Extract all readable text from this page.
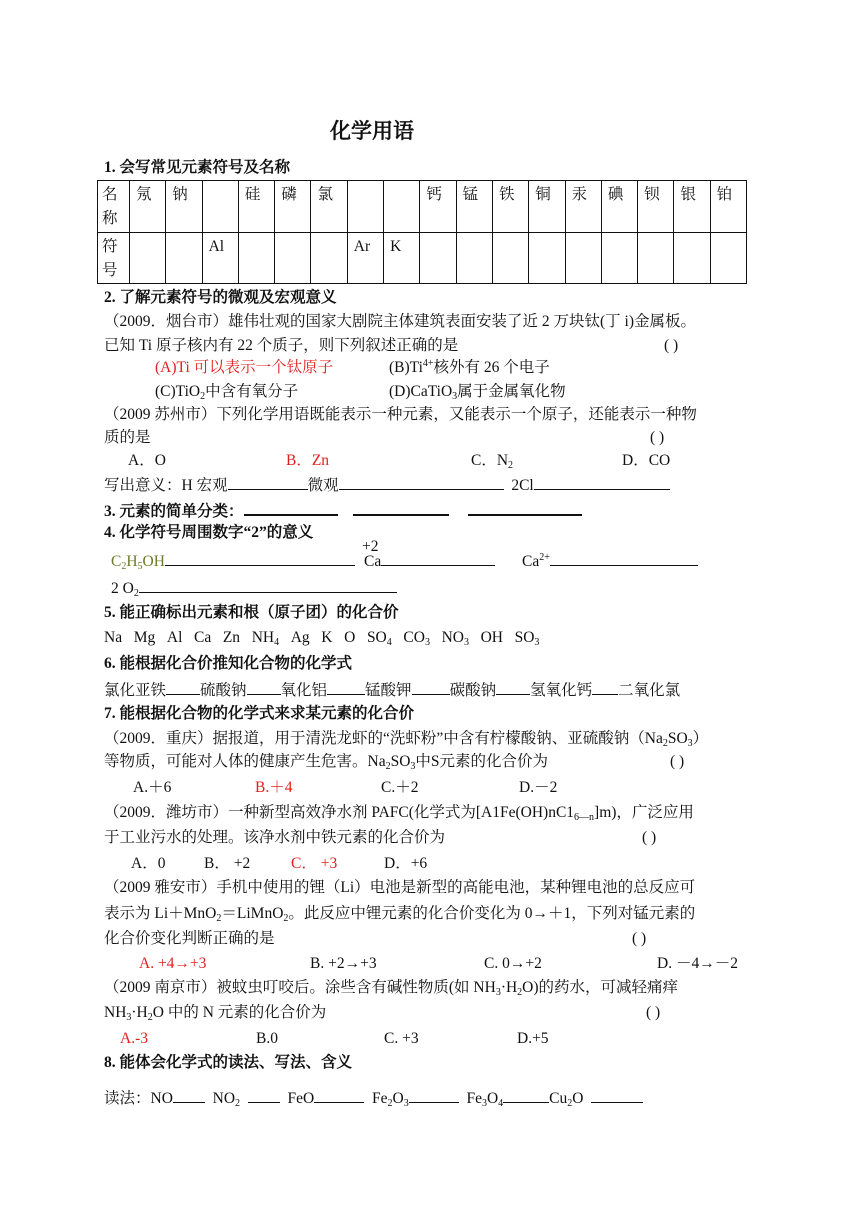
化学用语
1. 会写常见元素符号及名称
名
称	氖	钠		硅	磷	氯			钙	锰	铁	铜	汞	碘	钡	银	铂
符
号			Al				Ar	K									
2. 了解元素符号的微观及宏观意义
（2009．烟台市）雄伟壮观的国家大剧院主体建筑表面安装了近 2 万块钛(丁 i)金属板。
已知 Ti 原子核内有 22 个质子，则下列叙述正确的是	( )
(A)Ti 可以表示一个钛原子	$(B)Ti^{4+}$核外有 26 个电子
(C)TiO$_2$中含有氧分子	(D)CaTiO$_3$属于金属氧化物
（2009 苏州市）下列化学用语既能表示一种元素，又能表示一个原子，还能表示一种物
质的是	( )
A．O	B．Zn	C．$N_2$	D．CO
写出意义：H 宏观	微观	2Cl
3. 元素的简单分类：
4. 化学符号周围数字“2”的意义
$C_2H_5OH$
+2
Ca	$Ca^{2+}$
2 $O_2$
5. 能正确标出元素和根（原子团）的化合价
Na Mg Al Ca Zn $NH_4$ Ag K O $SO_4$ $CO_3$ $NO_3$ OH $SO_3$
6. 能根据化合价推知化合物的化学式
氯化亚铁 硫酸钠 氧化铝 锰酸钾 碳酸钠 氢氧化钙 二氧化氯
7. 能根据化合物的化学式来求某元素的化合价
（2009．重庆）据报道，用于清洗龙虾的“洗虾粉”中含有柠檬酸钠、亚硫酸钠$(Na_2SO_3)$
等物质，可能对人体的健康产生危害。$Na_2SO_3$中S元素的化合价为	( )
A.＋6	B.＋4	C.＋2	D.－2
（2009．潍坊市）一种新型高效净水剂 PAFC(化学式为$[A1Fe(OH)nC1_{6—n}]m$)，广泛应用
于工业污水的处理。该净水剂中铁元素的化合价为	( )
A．0 B． +2	C． +3	D．+6
（2009 雅安市）手机中使用的锂（Li）电池是新型的高能电池，某种锂电池的总反应可
表示为 Li＋MnO$_2$＝LiMnO$_2$。此反应中锂元素的化合价变化为 0→＋1，下列对锰元素的
化合价变化判断正确的是	( )
A. +4→+3	B. +2→+3	C. 0→+2	D. －4→－2
（2009 南京市）被蚊虫叮咬后。涂些含有碱性物质(如 $NH_3\cdot H_2O$)的药水，可减轻痛痒
$NH_3\cdot H_2O$ 中的 N 元素的化合价为	( )
A.-3	B.0	C. +3	D.+5
8. 能体会化学式的读法、写法、含义
读法：NO  $NO_2$	FeO	$Fe_2O_3$	$Fe_3O_4$	$Cu_2O$
